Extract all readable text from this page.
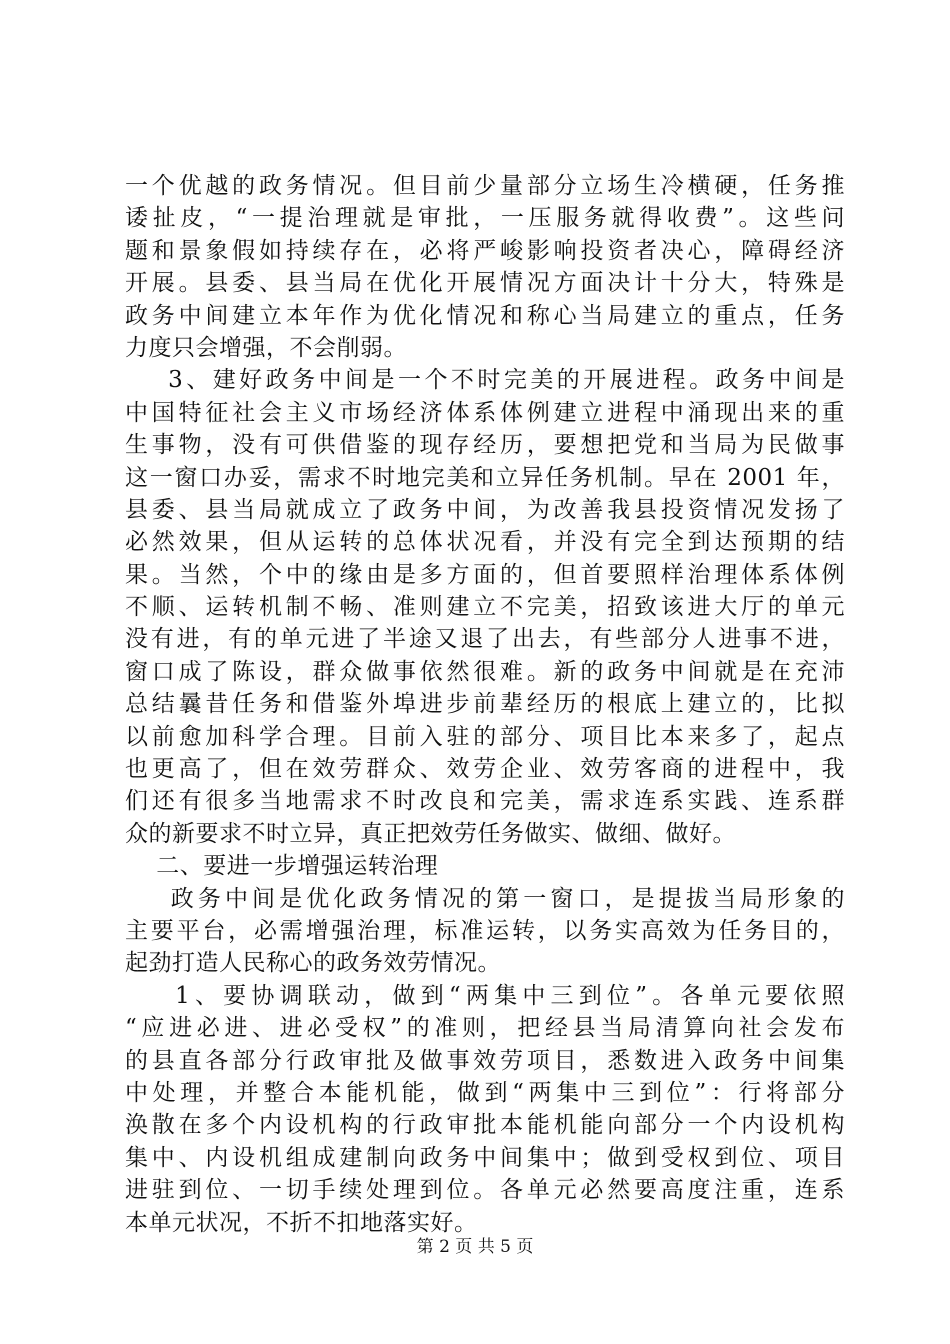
一个优越的政务情况。但目前少量部分立场生冷横硬，任务推
诿扯皮，“一提治理就是审批，一压服务就得收费”。这些问
题和景象假如持续存在，必将严峻影响投资者决心，障碍经济
开展。县委、县当局在优化开展情况方面决计十分大，特殊是
政务中间建立本年作为优化情况和称心当局建立的重点，任务
力度只会增强，不会削弱。
3、建好政务中间是一个不时完美的开展进程。政务中间是
中国特征社会主义市场经济体系体例建立进程中涌现出来的重
生事物，没有可供借鉴的现存经历，要想把党和当局为民做事
这一窗口办妥，需求不时地完美和立异任务机制。早在 2001 年，
县委、县当局就成立了政务中间，为改善我县投资情况发扬了
必然效果，但从运转的总体状况看，并没有完全到达预期的结
果。当然，个中的缘由是多方面的，但首要照样治理体系体例
不顺、运转机制不畅、准则建立不完美，招致该进大厅的单元
没有进，有的单元进了半途又退了出去，有些部分人进事不进，
窗口成了陈设，群众做事依然很难。新的政务中间就是在充沛
总结曩昔任务和借鉴外埠进步前辈经历的根底上建立的，比拟
以前愈加科学合理。目前入驻的部分、项目比本来多了，起点
也更高了，但在效劳群众、效劳企业、效劳客商的进程中，我
们还有很多当地需求不时改良和完美，需求连系实践、连系群
众的新要求不时立异，真正把效劳任务做实、做细、做好。
二、要进一步增强运转治理
政务中间是优化政务情况的第一窗口，是提拔当局形象的
主要平台，必需增强治理，标准运转，以务实高效为任务目的，
起劲打造人民称心的政务效劳情况。
1、要协调联动，做到“两集中三到位”。各单元要依照
“应进必进、进必受权”的准则，把经县当局清算向社会发布
的县直各部分行政审批及做事效劳项目，悉数进入政务中间集
中处理，并整合本能机能，做到“两集中三到位”：行将部分
涣散在多个内设机构的行政审批本能机能向部分一个内设机构
集中、内设机组成建制向政务中间集中；做到受权到位、项目
进驻到位、一切手续处理到位。各单元必然要高度注重，连系
本单元状况，不折不扣地落实好。
第 2 页 共 5 页
